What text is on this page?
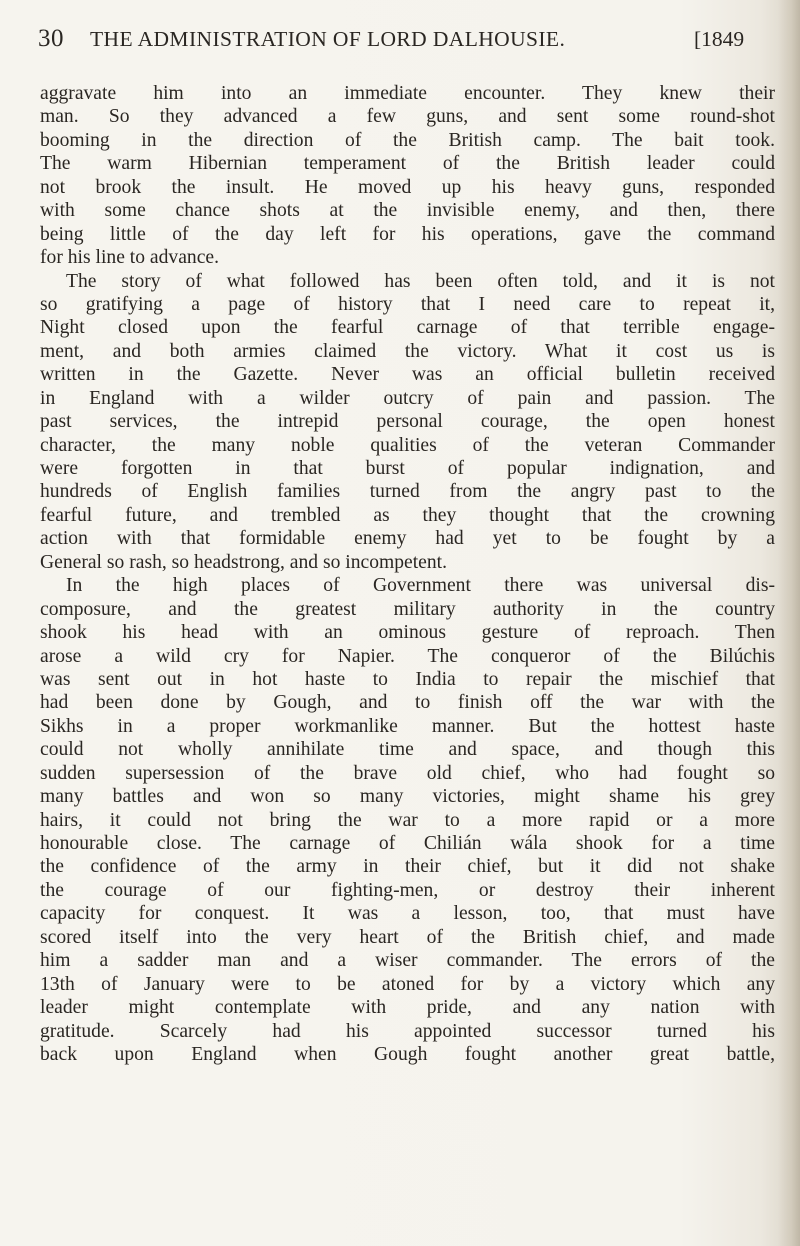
30 THE ADMINISTRATION OF LORD DALHOUSIE.	[1849
aggravate him into an immediate encounter. They knew their
man. So they advanced a few guns, and sent some round-shot
booming in the direction of the British camp. The bait took.
The warm Hibernian temperament of the British leader could
not brook the insult. He moved up his heavy guns, responded
with some chance shots at the invisible enemy, and then, there
being little of the day left for his operations, gave the command
for his line to advance.
The story of what followed has been often told, and it is not
so gratifying a page of history that I need care to repeat it,
Night closed upon the fearful carnage of that terrible engage-
ment, and both armies claimed the victory. What it cost us is
written in the Gazette. Never was an official bulletin received
in England with a wilder outcry of pain and passion. The
past services, the intrepid personal courage, the open honest
character, the many noble qualities of the veteran Commander
were forgotten in that burst of popular indignation, and
hundreds of English families turned from the angry past to the
fearful future, and trembled as they thought that the crowning
action with that formidable enemy had yet to be fought by a
General so rash, so headstrong, and so incompetent.
In the high places of Government there was universal dis-
composure, and the greatest military authority in the country
shook his head with an ominous gesture of reproach. Then
arose a wild cry for Napier. The conqueror of the Bilúchis
was sent out in hot haste to India to repair the mischief that
had been done by Gough, and to finish off the war with the
Sikhs in a proper workmanlike manner. But the hottest haste
could not wholly annihilate time and space, and though this
sudden supersession of the brave old chief, who had fought so
many battles and won so many victories, might shame his grey
hairs, it could not bring the war to a more rapid or a more
honourable close. The carnage of Chilián wála shook for a time
the confidence of the army in their chief, but it did not shake
the courage of our fighting-men, or destroy their inherent
capacity for conquest. It was a lesson, too, that must have
scored itself into the very heart of the British chief, and made
him a sadder man and a wiser commander. The errors of the
13th of January were to be atoned for by a victory which any
leader might contemplate with pride, and any nation with
gratitude. Scarcely had his appointed successor turned his
back upon England when Gough fought another great battle,
